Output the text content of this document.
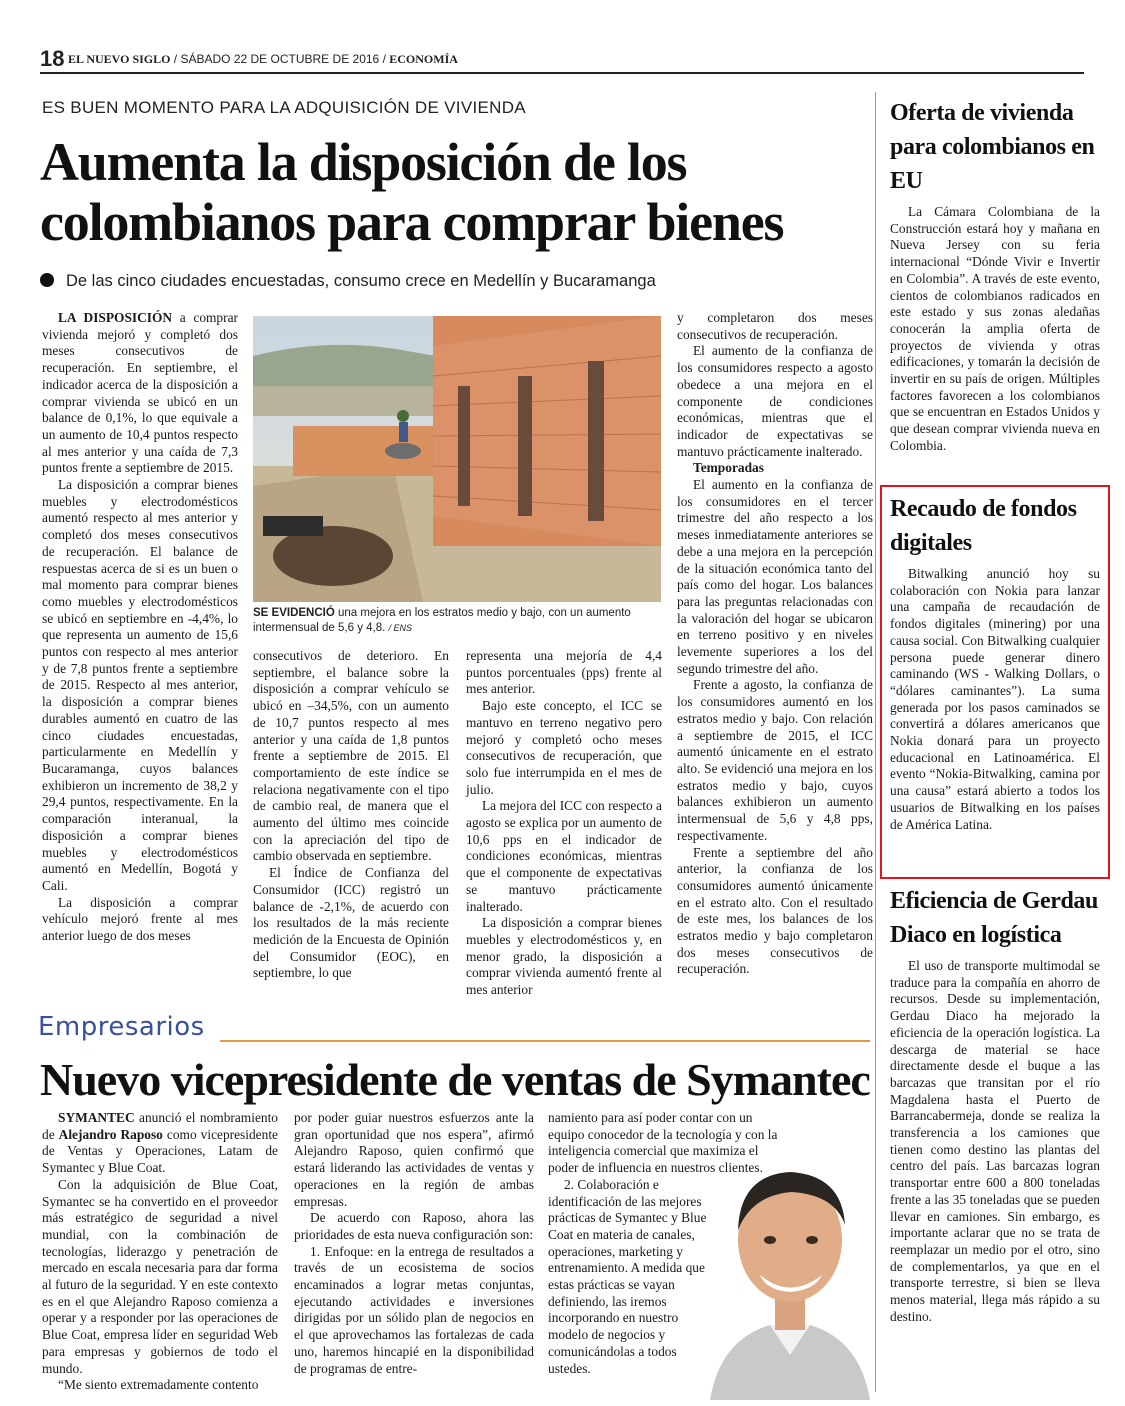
18 EL NUEVO SIGLO / SÁBADO 22 DE OCTUBRE DE 2016 / ECONOMÍA
ES BUEN MOMENTO PARA LA ADQUISICIÓN DE VIVIENDA
Aumenta la disposición de los colombianos para comprar bienes
De las cinco ciudades encuestadas, consumo crece en Medellín y Bucaramanga

LA DISPOSICIÓN a comprar vivienda mejoró y completó dos meses consecutivos de recuperación. En septiembre, el indicador acerca de la disposición a comprar vivienda se ubicó en un balance de 0,1%, lo que equivale a un aumento de 10,4 puntos respecto al mes anterior y una caída de 7,3 puntos frente a septiembre de 2015.

La disposición a comprar bienes muebles y electrodomésticos aumentó respecto al mes anterior y completó dos meses consecutivos de recuperación. El balance de respuestas acerca de si es un buen o mal momento para comprar bienes como muebles y electrodomésticos se ubicó en septiembre en -4,4%, lo que representa un aumento de 15,6 puntos con respecto al mes anterior y de 7,8 puntos frente a septiembre de 2015. Respecto al mes anterior, la disposición a comprar bienes durables aumentó en cuatro de las cinco ciudades encuestadas, particularmente en Medellín y Bucaramanga, cuyos balances exhibieron un incremento de 38,2 y 29,4 puntos, respectivamente. En la comparación interanual, la disposición a comprar bienes muebles y electrodomésticos aumentó en Medellín, Bogotá y Cali.

La disposición a comprar vehículo mejoró frente al mes anterior luego de dos meses

SE EVIDENCIÓ una mejora en los estratos medio y bajo, con un aumento intermensual de 5,6 y 4,8. / ENS

consecutivos de deterioro. En septiembre, el balance sobre la disposición a comprar vehículo se ubicó en –34,5%, con un aumento de 10,7 puntos respecto al mes anterior y una caída de 1,8 puntos frente a septiembre de 2015. El comportamiento de este índice se relaciona negativamente con el tipo de cambio real, de manera que el aumento del último mes coincide con la apreciación del tipo de cambio observada en septiembre.

El Índice de Confianza del Consumidor (ICC) registró un balance de -2,1%, de acuerdo con los resultados de la más reciente medición de la Encuesta de Opinión del Consumidor (EOC), en septiembre, lo que

representa una mejoría de 4,4 puntos porcentuales (pps) frente al mes anterior.

Bajo este concepto, el ICC se mantuvo en terreno negativo pero mejoró y completó ocho meses consecutivos de recuperación, que solo fue interrumpida en el mes de julio.

La mejora del ICC con respecto a agosto se explica por un aumento de 10,6 pps en el indicador de condiciones económicas, mientras que el componente de expectativas se mantuvo prácticamente inalterado.

La disposición a comprar bienes muebles y electrodomésticos y, en menor grado, la disposición a comprar vivienda aumentó frente al mes anterior

y completaron dos meses consecutivos de recuperación.

El aumento de la confianza de los consumidores respecto a agosto obedece a una mejora en el componente de condiciones económicas, mientras que el indicador de expectativas se mantuvo prácticamente inalterado.

Temporadas

El aumento en la confianza de los consumidores en el tercer trimestre del año respecto a los meses inmediatamente anteriores se debe a una mejora en la percepción de la situación económica tanto del país como del hogar. Los balances para las preguntas relacionadas con la valoración del hogar se ubicaron en terreno positivo y en niveles levemente superiores a los del segundo trimestre del año.

Frente a agosto, la confianza de los consumidores aumentó en los estratos medio y bajo. Con relación a septiembre de 2015, el ICC aumentó únicamente en el estrato alto. Se evidenció una mejora en los estratos medio y bajo, cuyos balances exhibieron un aumento intermensual de 5,6 y 4,8 pps, respectivamente.

Frente a septiembre del año anterior, la confianza de los consumidores aumentó únicamente en el estrato alto. Con el resultado de este mes, los balances de los estratos medio y bajo completaron dos meses consecutivos de recuperación.

Oferta de vivienda para colombianos en EU

La Cámara Colombiana de la Construcción estará hoy y mañana en Nueva Jersey con su feria internacional “Dónde Vivir e Invertir en Colombia”. A través de este evento, cientos de colombianos radicados en este estado y sus zonas aledañas conocerán la amplia oferta de proyectos de vivienda y otras edificaciones, y tomarán la decisión de invertir en su país de origen. Múltiples factores favorecen a los colombianos que se encuentran en Estados Unidos y que desean comprar vivienda nueva en Colombia.

Recaudo de fondos digitales

Bitwalking anunció hoy su colaboración con Nokia para lanzar una campaña de recaudación de fondos digitales (minering) por una causa social. Con Bitwalking cualquier persona puede generar dinero caminando (WS - Walking Dollars, o “dólares caminantes”). La suma generada por los pasos caminados se convertirá a dólares americanos que Nokia donará para un proyecto educacional en Latinoamérica. El evento “Nokia-Bitwalking, camina por una causa” estará abierto a todos los usuarios de Bitwalking en los países de América Latina.

Eficiencia de Gerdau Diaco en logística

El uso de transporte multimodal se traduce para la compañía en ahorro de recursos. Desde su implementación, Gerdau Diaco ha mejorado la eficiencia de la operación logística. La descarga de material se hace directamente desde el buque a las barcazas que transitan por el río Magdalena hasta el Puerto de Barrancabermeja, donde se realiza la transferencia a los camiones que tienen como destino las plantas del centro del país. Las barcazas logran transportar entre 600 a 800 toneladas frente a las 35 toneladas que se pueden llevar en camiones. Sin embargo, es importante aclarar que no se trata de reemplazar un medio por el otro, sino de complementarlos, ya que en el transporte terrestre, si bien se lleva menos material, llega más rápido a su destino.

Empresarios
Nuevo vicepresidente de ventas de Symantec

SYMANTEC anunció el nombramiento de Alejandro Raposo como vicepresidente de Ventas y Operaciones, Latam de Symantec y Blue Coat.

Con la adquisición de Blue Coat, Symantec se ha convertido en el proveedor más estratégico de seguridad a nivel mundial, con la combinación de tecnologías, liderazgo y penetración de mercado en escala necesaria para dar forma al futuro de la seguridad. Y en este contexto es en el que Alejandro Raposo comienza a operar y a responder por las operaciones de Blue Coat, empresa líder en seguridad Web para empresas y gobiernos de todo el mundo.

“Me siento extremadamente contento

por poder guiar nuestros esfuerzos ante la gran oportunidad que nos espera”, afirmó Alejandro Raposo, quien confirmó que estará liderando las actividades de ventas y operaciones en la región de ambas empresas.

De acuerdo con Raposo, ahora las prioridades de esta nueva configuración son:

1. Enfoque: en la entrega de resultados a través de un ecosistema de socios encaminados a lograr metas conjuntas, ejecutando actividades e inversiones dirigidas por un sólido plan de negocios en el que aprovechamos las fortalezas de cada uno, haremos hincapié en la disponibilidad de programas de entre-

namiento para así poder contar con un equipo conocedor de la tecnología y con la inteligencia comercial que maximiza el poder de influencia en nuestros clientes.

2. Colaboración e identificación de las mejores prácticas de Symantec y Blue Coat en materia de canales, operaciones, marketing y entrenamiento. A medida que estas prácticas se vayan definiendo, las iremos incorporando en nuestro modelo de negocios y comunicándolas a todos ustedes.
